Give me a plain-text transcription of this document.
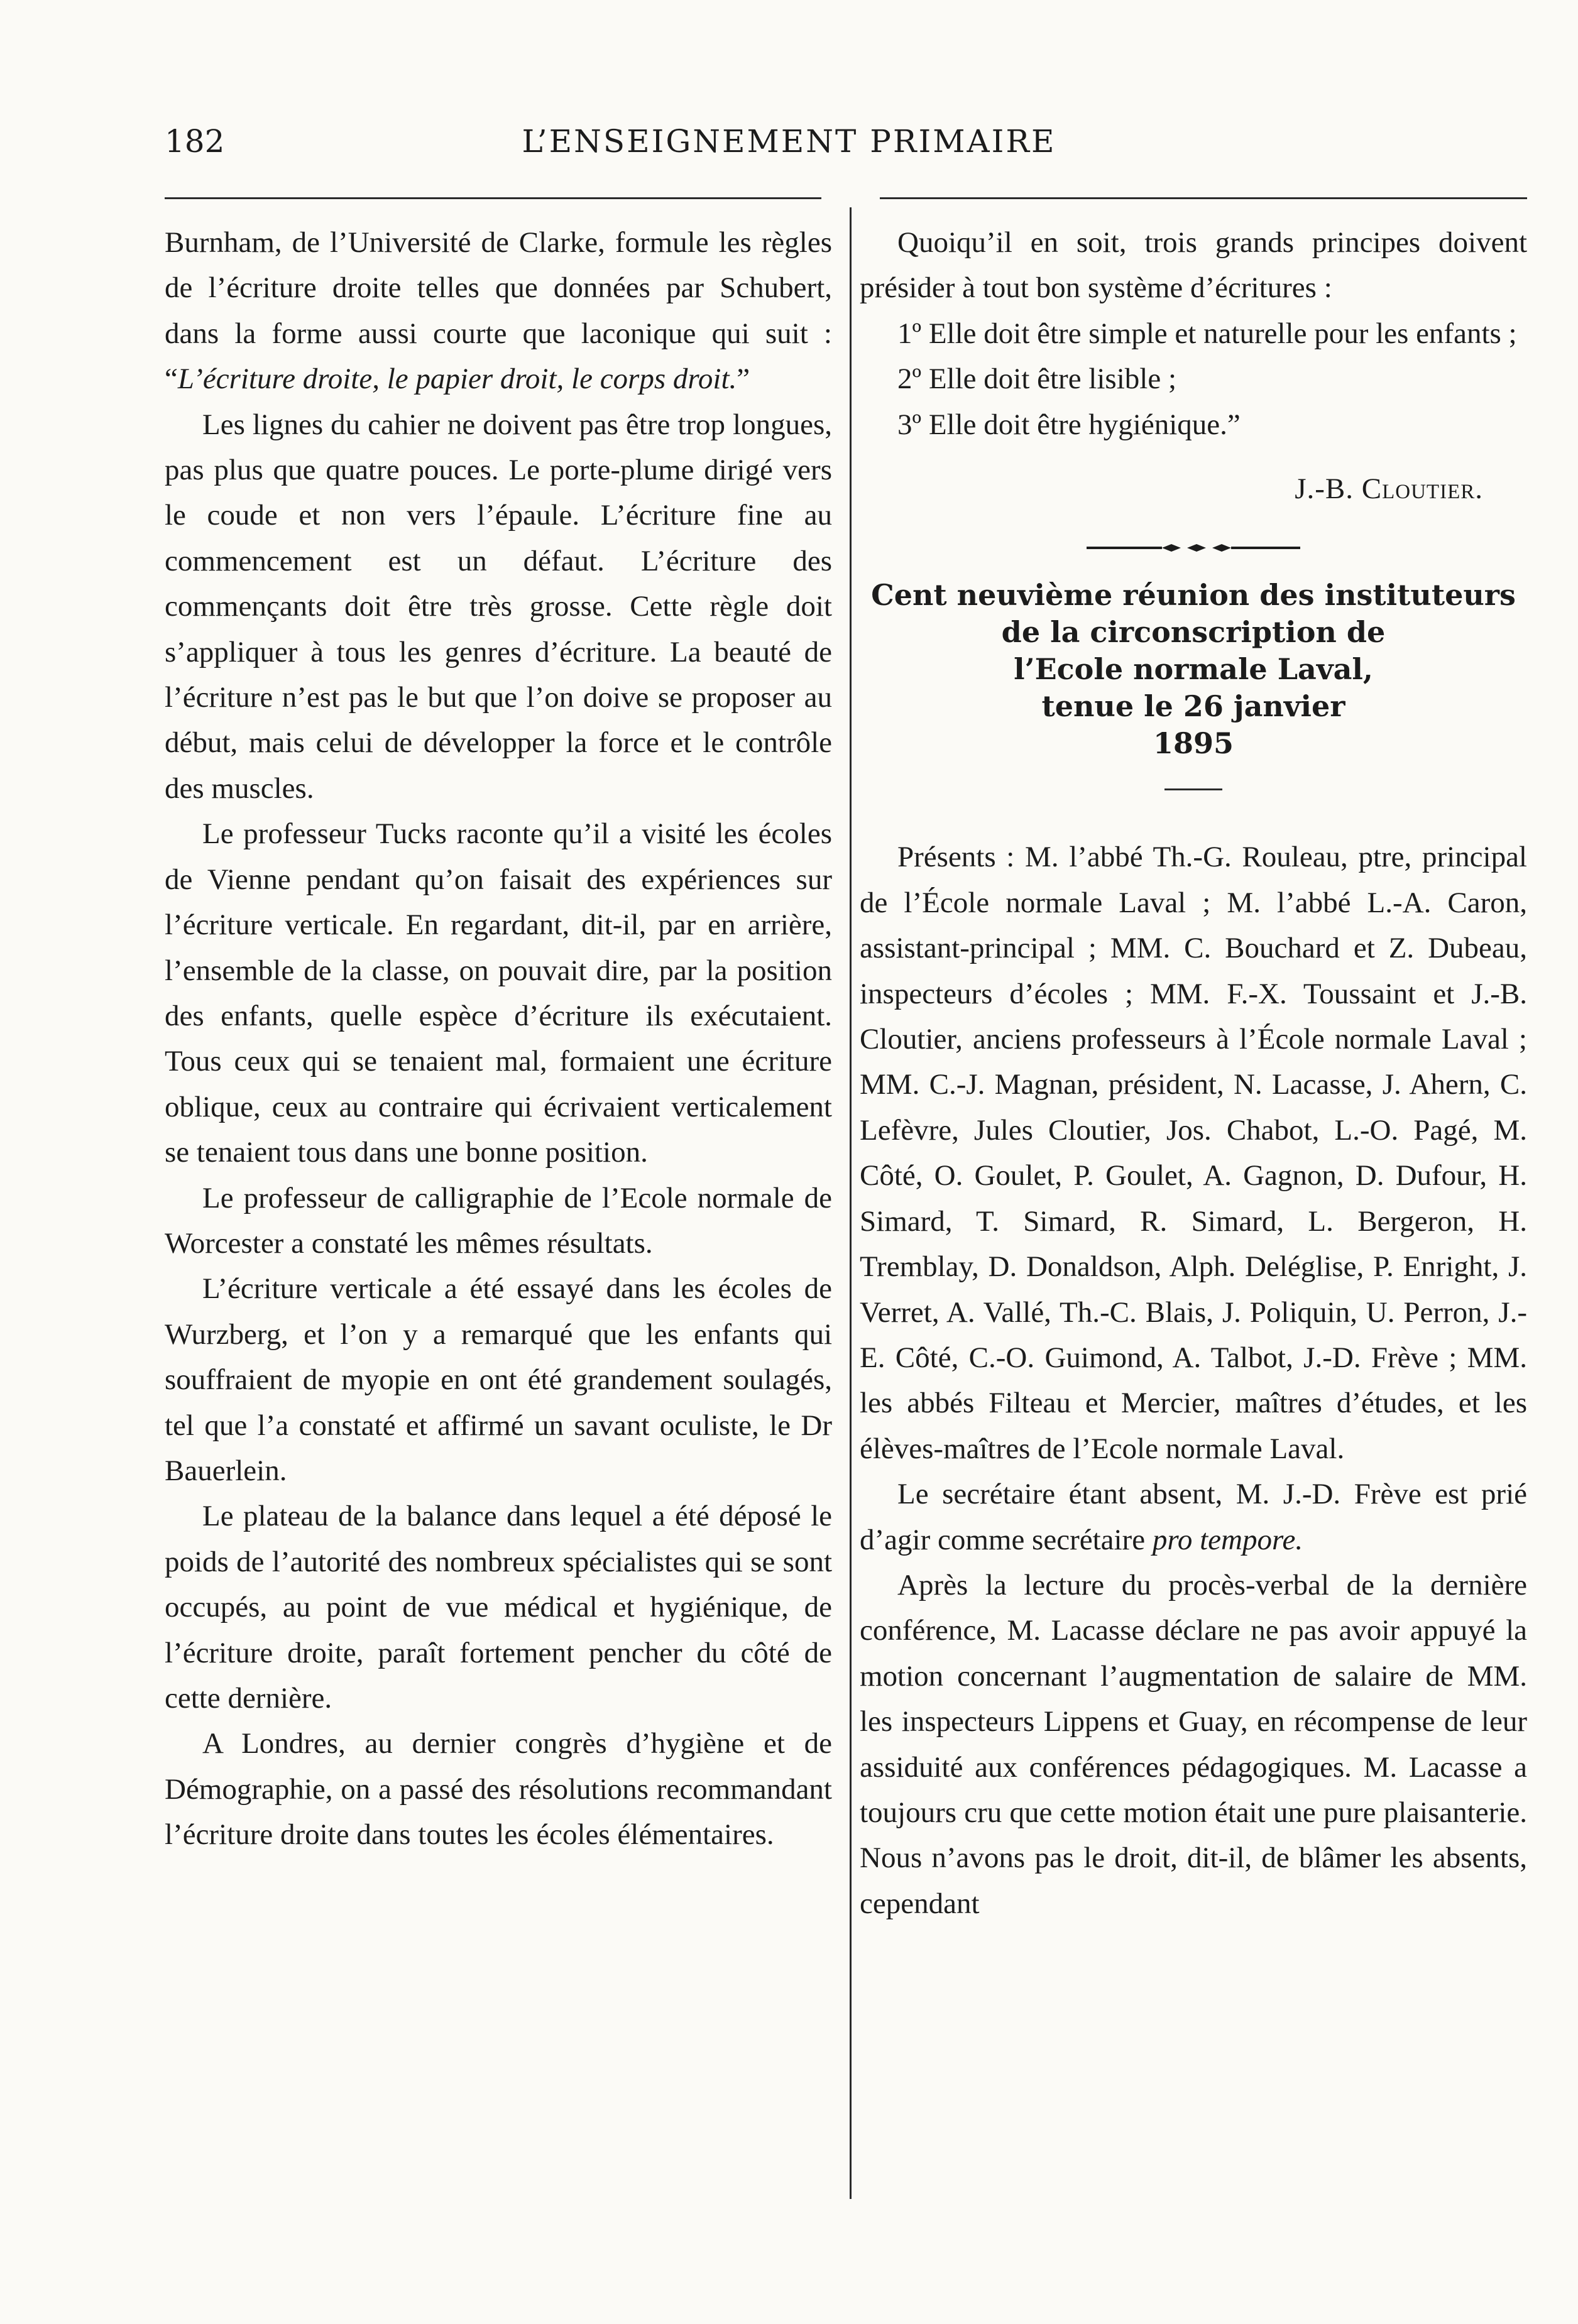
182	L’ENSEIGNEMENT PRIMAIRE

Burnham, de l’Université de Clarke, formule les règles de l’écriture droite telles que données par Schubert, dans la forme aussi courte que laconique qui suit : “L’écriture droite, le papier droit, le corps droit.”

Les lignes du cahier ne doivent pas être trop longues, pas plus que quatre pouces. Le porte-plume dirigé vers le coude et non vers l’épaule. L’écriture fine au commencement est un défaut. L’écriture des commençants doit être très grosse. Cette règle doit s’appliquer à tous les genres d’écriture. La beauté de l’écriture n’est pas le but que l’on doive se proposer au début, mais celui de développer la force et le contrôle des muscles.

Le professeur Tucks raconte qu’il a visité les écoles de Vienne pendant qu’on faisait des expériences sur l’écriture verticale. En regardant, dit-il, par en arrière, l’ensemble de la classe, on pouvait dire, par la position des enfants, quelle espèce d’écriture ils exécutaient. Tous ceux qui se tenaient mal, formaient une écriture oblique, ceux au contraire qui écrivaient verticalement se tenaient tous dans une bonne position.

Le professeur de calligraphie de l’Ecole normale de Worcester a constaté les mêmes résultats.

L’écriture verticale a été essayé dans les écoles de Wurzberg, et l’on y a remarqué que les enfants qui souffraient de myopie en ont été grandement soulagés, tel que l’a constaté et affirmé un savant oculiste, le Dr Bauerlein.

Le plateau de la balance dans lequel a été déposé le poids de l’autorité des nombreux spécialistes qui se sont occupés, au point de vue médical et hygiénique, de l’écriture droite, paraît fortement pencher du côté de cette dernière.

A Londres, au dernier congrès d’hygiène et de Démographie, on a passé des résolutions recommandant l’écriture droite dans toutes les écoles élémentaires.

Quoiqu’il en soit, trois grands principes doivent présider à tout bon système d’écritures :

1º Elle doit être simple et naturelle pour les enfants ;

2º Elle doit être lisible ;

3º Elle doit être hygiénique.”

J.-B. Cloutier.

Cent neuvième réunion des instituteurs de la circonscription de
l’Ecole normale Laval,
tenue le 26 janvier
1895

Présents : M. l’abbé Th.-G. Rouleau, ptre, principal de l’École normale Laval ; M. l’abbé L.-A. Caron, assistant-principal ; MM. C. Bouchard et Z. Dubeau, inspecteurs d’écoles ; MM. F.-X. Toussaint et J.-B. Cloutier, anciens professeurs à l’École normale Laval ; MM. C.-J. Magnan, président, N. Lacasse, J. Ahern, C. Lefèvre, Jules Cloutier, Jos. Chabot, L.-O. Pagé, M. Côté, O. Goulet, P. Goulet, A. Gagnon, D. Dufour, H. Simard, T. Simard, R. Simard, L. Bergeron, H. Tremblay, D. Donaldson, Alph. Deléglise, P. Enright, J. Verret, A. Vallé, Th.-C. Blais, J. Poliquin, U. Perron, J.-E. Côté, C.-O. Guimond, A. Talbot, J.-D. Frève ; MM. les abbés Filteau et Mercier, maîtres d’études, et les élèves-maîtres de l’Ecole normale Laval.

Le secrétaire étant absent, M. J.-D. Frève est prié d’agir comme secrétaire pro tempore.

Après la lecture du procès-verbal de la dernière conférence, M. Lacasse déclare ne pas avoir appuyé la motion concernant l’augmentation de salaire de MM. les inspecteurs Lippens et Guay, en récompense de leur assiduité aux conférences pédagogiques. M. Lacasse a toujours cru que cette motion était une pure plaisanterie. Nous n’avons pas le droit, dit-il, de blâmer les absents, cependant
